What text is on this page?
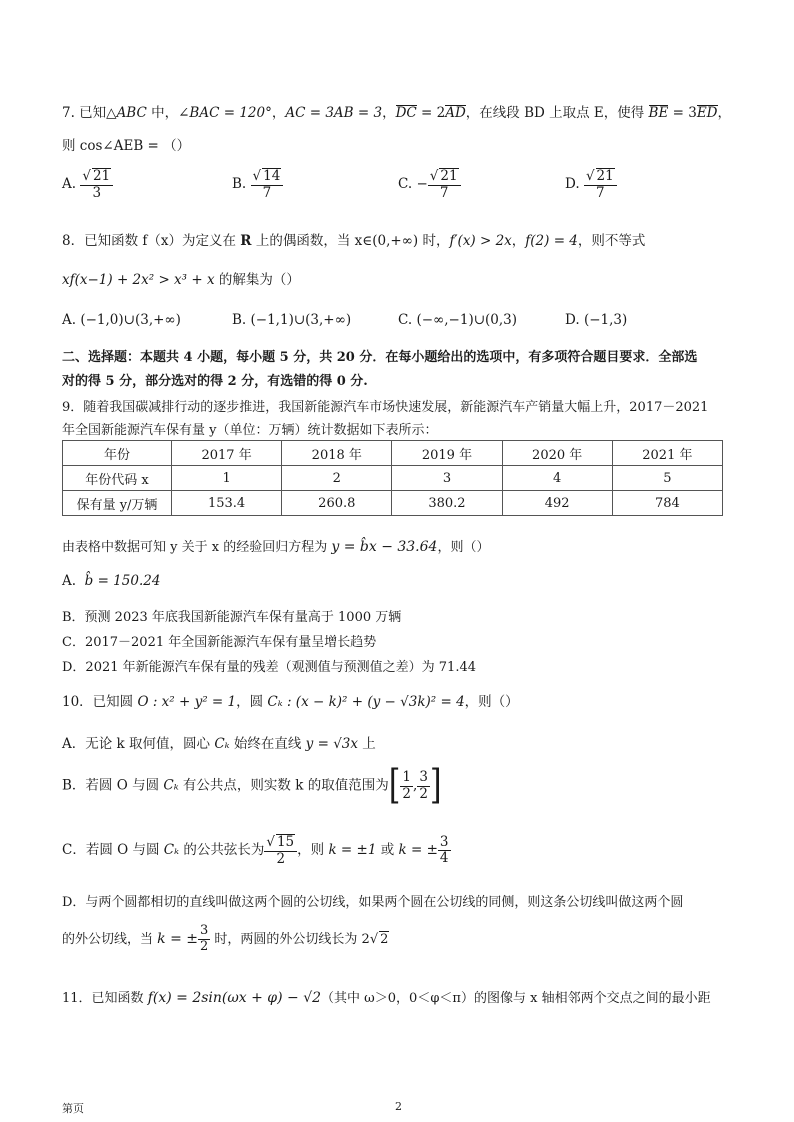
7. 已知△ABC 中，∠BAC = 120°，AC = 3AB = 3，DC = 2AD，在线段 BD 上取点 E，使得 BE = 3ED，
则 cos∠AEB = （）
A. $\frac{√ 21}{3}$	B. $\frac{√ 14}{7}$	C. − $\frac{√ 21}{7}$	D. $\frac{√ 21}{7}$
8．已知函数 f（x）为定义在 R 上的偶函数，当 x∈(0,+∞) 时，f′(x) > 2x，f(2) = 4，则不等式
xf(x−1) + 2x² > x³ + x 的解集为（）
A. (−1,0)∪(3,+∞)	B. (−1,1)∪(3,+∞)	C. (−∞,−1)∪(0,3)	D. (−1,3)
二、选择题：本题共 4 小题，每小题 5 分，共 20 分．在每小题给出的选项中，有多项符合题目要求．全部选
对的得 5 分，部分选对的得 2 分，有选错的得 0 分.
9．随着我国碳减排行动的逐步推进，我国新能源汽车市场快速发展，新能源汽车产销量大幅上升，2017－2021
年全国新能源汽车保有量 y（单位：万辆）统计数据如下表所示：
年份	2017 年	2018 年	2019 年	2020 年	2021 年
年份代码 x	1	2	3	4	5
保有量 y/万辆	153.4	260.8	380.2	492	784
由表格中数据可知 y 关于 x 的经验回归方程为 y = b̂x − 33.64，则（）
A. b̂ = 150.24
B．预测 2023 年底我国新能源汽车保有量高于 1000 万辆
C．2017－2021 年全国新能源汽车保有量呈增长趋势
D．2021 年新能源汽车保有量的残差（观测值与预测值之差）为 71.44
10．已知圆 O : x² + y² = 1，圆 Cₖ : (x − k)² + (y − √3k)² = 4，则（）
A．无论 k 取何值，圆心 Cₖ 始终在直线 y = √3x 上
B．若圆 O 与圆 Cₖ 有公共点，则实数 k 的取值范围为[ $\frac{1}{2}$ , $\frac{3}{2}$ ]
C．若圆 O 与圆 Cₖ 的公共弦长为 $\frac{√ 15}{2}$ ，则 k = ±1 或 k = ± $\frac{3}{4}$
D．与两个圆都相切的直线叫做这两个圆的公切线，如果两个圆在公切线的同侧，则这条公切线叫做这两个圆
的外公切线，当 k = ± $\frac{3}{2}$ 时，两圆的外公切线长为 2√ 2
11．已知函数 f(x) = 2sin(ωx + φ) − √2（其中 ω＞0，0＜φ＜π）的图像与 x 轴相邻两个交点之间的最小距
第页	2
